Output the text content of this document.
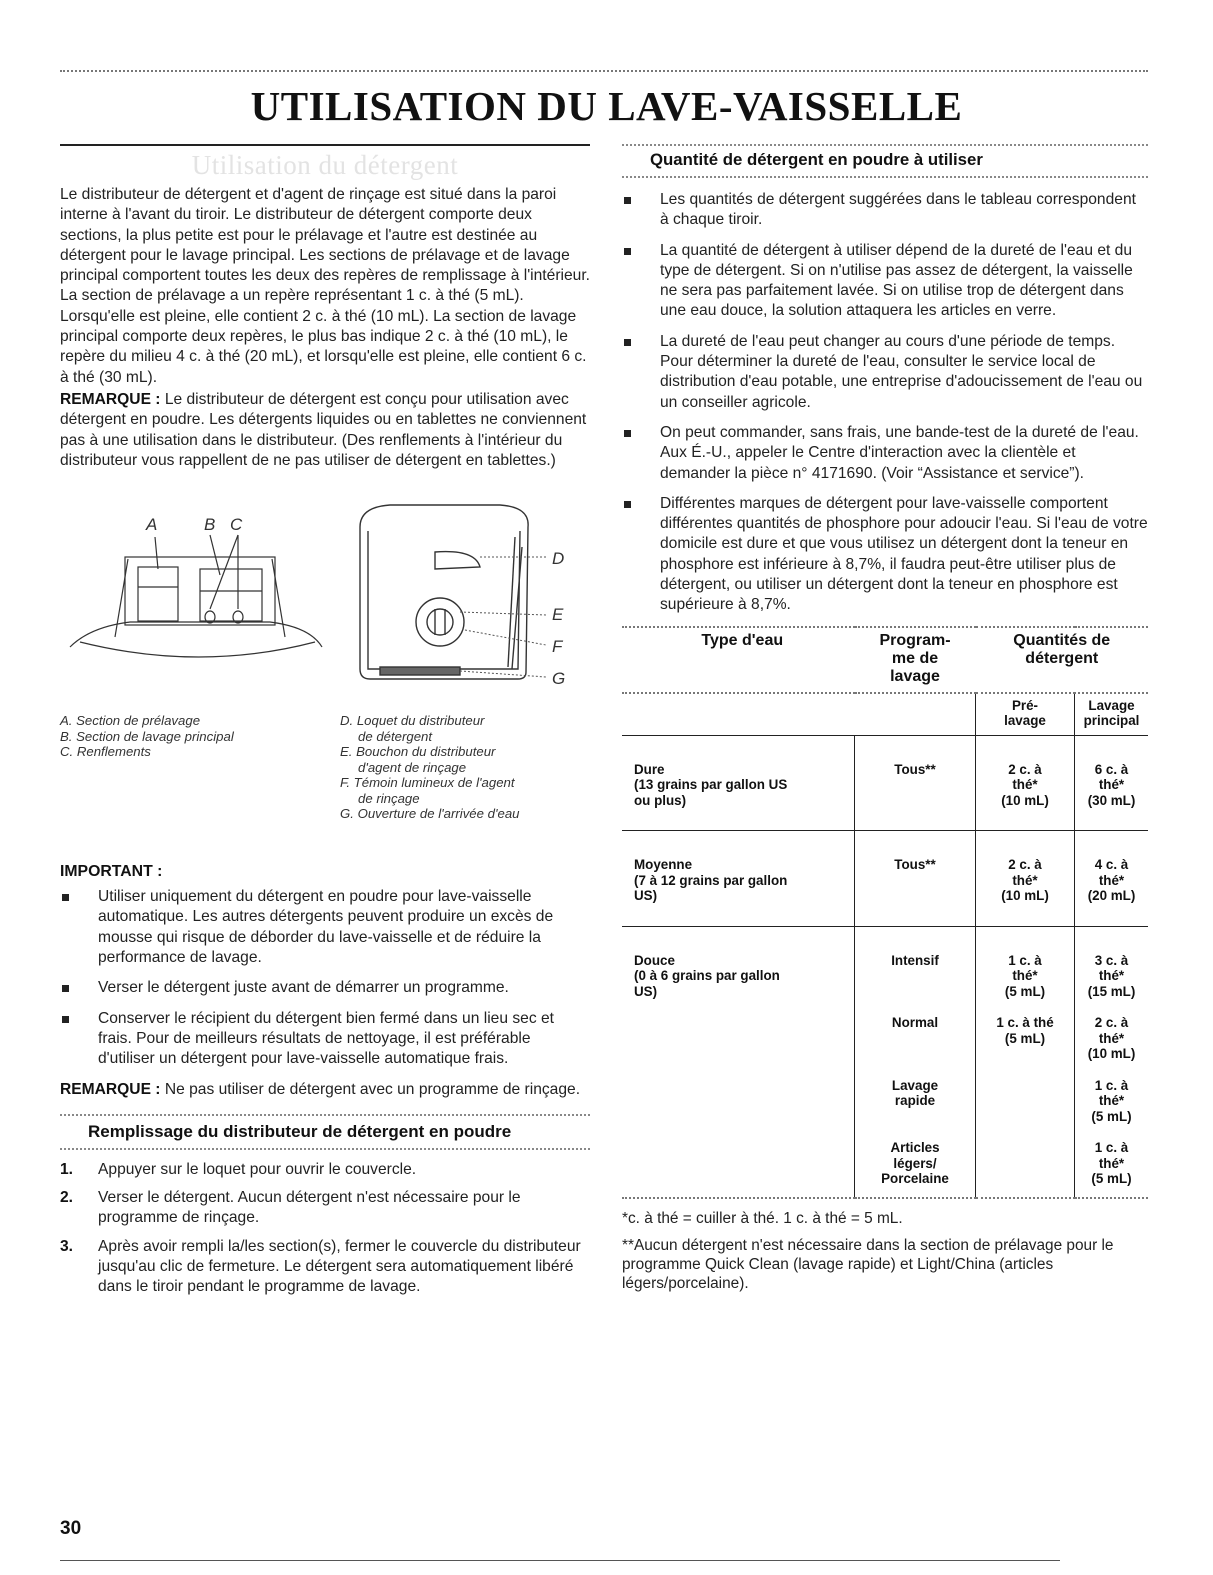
UTILISATION DU LAVE-VAISSELLE
Utilisation du détergent

Le distributeur de détergent et d'agent de rinçage est situé dans la paroi interne à l'avant du tiroir. Le distributeur de détergent comporte deux sections, la plus petite est pour le prélavage et l'autre est destinée au détergent pour le lavage principal. Les sections de prélavage et de lavage principal comportent toutes les deux des repères de remplissage à l'intérieur. La section de prélavage a un repère représentant 1 c. à thé (5 mL). Lorsqu'elle est pleine, elle contient 2 c. à thé (10 mL). La section de lavage principal comporte deux repères, le plus bas indique 2 c. à thé (10 mL), le repère du milieu 4 c. à thé (20 mL), et lorsqu'elle est pleine, elle contient 6 c. à thé (30 mL).

REMARQUE : Le distributeur de détergent est conçu pour utilisation avec détergent en poudre. Les détergents liquides ou en tablettes ne conviennent pas à une utilisation dans le distributeur. (Des renflements à l'intérieur du distributeur vous rappellent de ne pas utiliser de détergent en tablettes.)

A	B C
D
E
F
G
A. Section de prélavage
B. Section de lavage principal
C. Renflements
D. Loquet du distributeur
de détergent
E. Bouchon du distributeur
d'agent de rinçage
F. Témoin lumineux de l'agent
de rinçage
G. Ouverture de l'arrivée d'eau
IMPORTANT :
Utiliser uniquement du détergent en poudre pour lave-vaisselle automatique. Les autres détergents peuvent produire un excès de mousse qui risque de déborder du lave-vaisselle et de réduire la performance de lavage.
Verser le détergent juste avant de démarrer un programme.
Conserver le récipient du détergent bien fermé dans un lieu sec et frais. Pour de meilleurs résultats de nettoyage, il est préférable d'utiliser un détergent pour lave-vaisselle automatique frais.

REMARQUE : Ne pas utiliser de détergent avec un programme de rinçage.

Remplissage du distributeur de détergent en poudre
1. Appuyer sur le loquet pour ouvrir le couvercle.
2. Verser le détergent. Aucun détergent n'est nécessaire pour le programme de rinçage.
3. Après avoir rempli la/les section(s), fermer le couvercle du distributeur jusqu'au clic de fermeture. Le détergent sera automatiquement libéré dans le tiroir pendant le programme de lavage.
Quantité de détergent en poudre à utiliser
Les quantités de détergent suggérées dans le tableau correspondent à chaque tiroir.
La quantité de détergent à utiliser dépend de la dureté de l'eau et du type de détergent. Si on n'utilise pas assez de détergent, la vaisselle ne sera pas parfaitement lavée. Si on utilise trop de détergent dans une eau douce, la solution attaquera les articles en verre.
La dureté de l'eau peut changer au cours d'une période de temps. Pour déterminer la dureté de l'eau, consulter le service local de distribution d'eau potable, une entreprise d'adoucissement de l'eau ou un conseiller agricole.
On peut commander, sans frais, une bande-test de la dureté de l'eau. Aux É.-U., appeler le Centre d'interaction avec la clientèle et demander la pièce n° 4171690. (Voir “Assistance et service”).
Différentes marques de détergent pour lave-vaisselle comportent différentes quantités de phosphore pour adoucir l'eau. Si l'eau de votre domicile est dure et que vous utilisez un détergent dont la teneur en phosphore est inférieure à 8,7%, il faudra peut-être utiliser plus de détergent, ou utiliser un détergent dont la teneur en phosphore est supérieure à 8,7%.
Type d'eau	Program-
me de
lavage	Quantités de
détergent	

		Pré-
lavage	Lavage
principal

Dure
(13 grains par gallon US
ou plus)	Tous**	2 c. à
thé*
(10 mL)	6 c. à
thé*
(30 mL)

Moyenne
(7 à 12 grains par gallon
US)	Tous**	2 c. à
thé*
(10 mL)	4 c. à
thé*
(20 mL)

Douce
(0 à 6 grains par gallon
US)	Intensif	1 c. à
thé*
(5 mL)	3 c. à
thé*
(15 mL)

	Normal	1 c. à thé
(5 mL)	2 c. à
thé*
(10 mL)

	Lavage
rapide		1 c. à
thé*
(5 mL)

	Articles
légers/
Porcelaine		1 c. à
thé*
(5 mL)
*c. à thé = cuiller à thé. 1 c. à thé = 5 mL.
**Aucun détergent n'est nécessaire dans la section de prélavage pour le programme Quick Clean (lavage rapide) et Light/China (articles légers/porcelaine).
30
